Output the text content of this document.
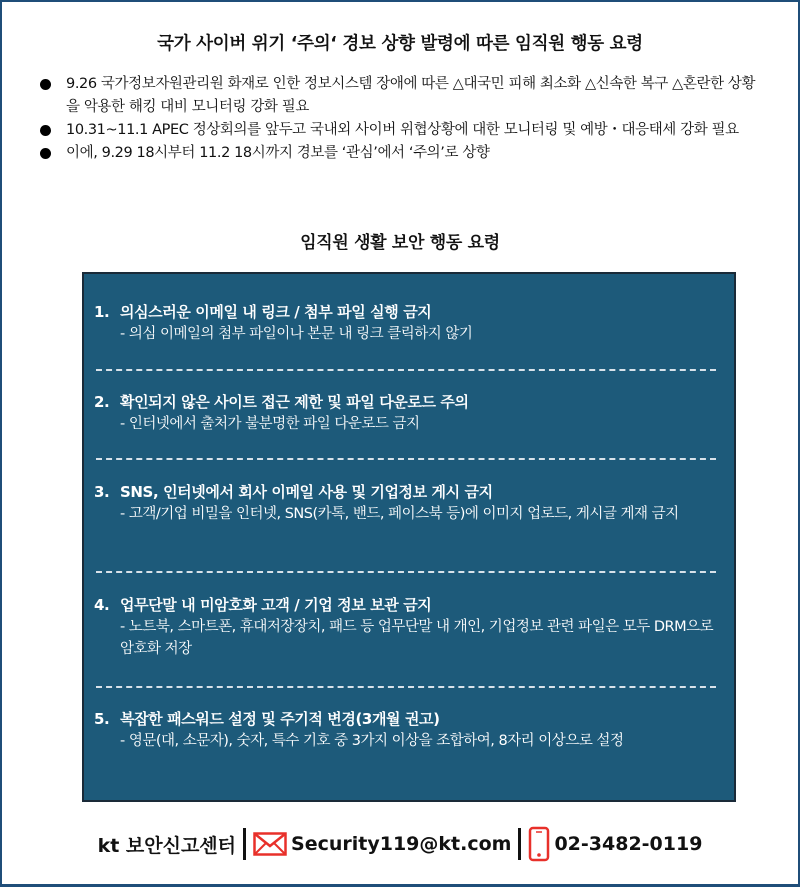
국가 사이버 위기 ‘주의‘ 경보 상향 발령에 따른 임직원 행동 요령
9.26 국가정보자원관리원 화재로 인한 정보시스템 장애에 따른 △대국민 피해 최소화 △신속한 복구 △혼란한 상황을 악용한 해킹 대비 모니터링 강화 필요
10.31~11.1 APEC 정상회의를 앞두고 국내외 사이버 위협상황에 대한 모니터링 및 예방・대응태세 강화 필요
이에, 9.29 18시부터 11.2 18시까지 경보를 ‘관심’에서 ‘주의’로 상향
임직원 생활 보안 행동 요령
1. 의심스러운 이메일 내 링크 / 첨부 파일 실행 금지
- 의심 이메일의 첨부 파일이나 본문 내 링크 클릭하지 않기
2. 확인되지 않은 사이트 접근 제한 및 파일 다운로드 주의
- 인터넷에서 출처가 불분명한 파일 다운로드 금지
3. SNS, 인터넷에서 회사 이메일 사용 및 기업정보 게시 금지
- 고객/기업 비밀을 인터넷, SNS(카톡, 밴드, 페이스북 등)에 이미지 업로드, 게시글 게재 금지
4. 업무단말 내 미암호화 고객 / 기업 정보 보관 금지
- 노트북, 스마트폰, 휴대저장장치, 패드 등 업무단말 내 개인, 기업정보 관련 파일은 모두 DRM으로 암호화 저장
5. 복잡한 패스워드 설정 및 주기적 변경(3개월 권고)
- 영문(대, 소문자), 숫자, 특수 기호 중 3가지 이상을 조합하여, 8자리 이상으로 설정
kt 보안신고센터	Security119@kt.com 02-3482-0119
